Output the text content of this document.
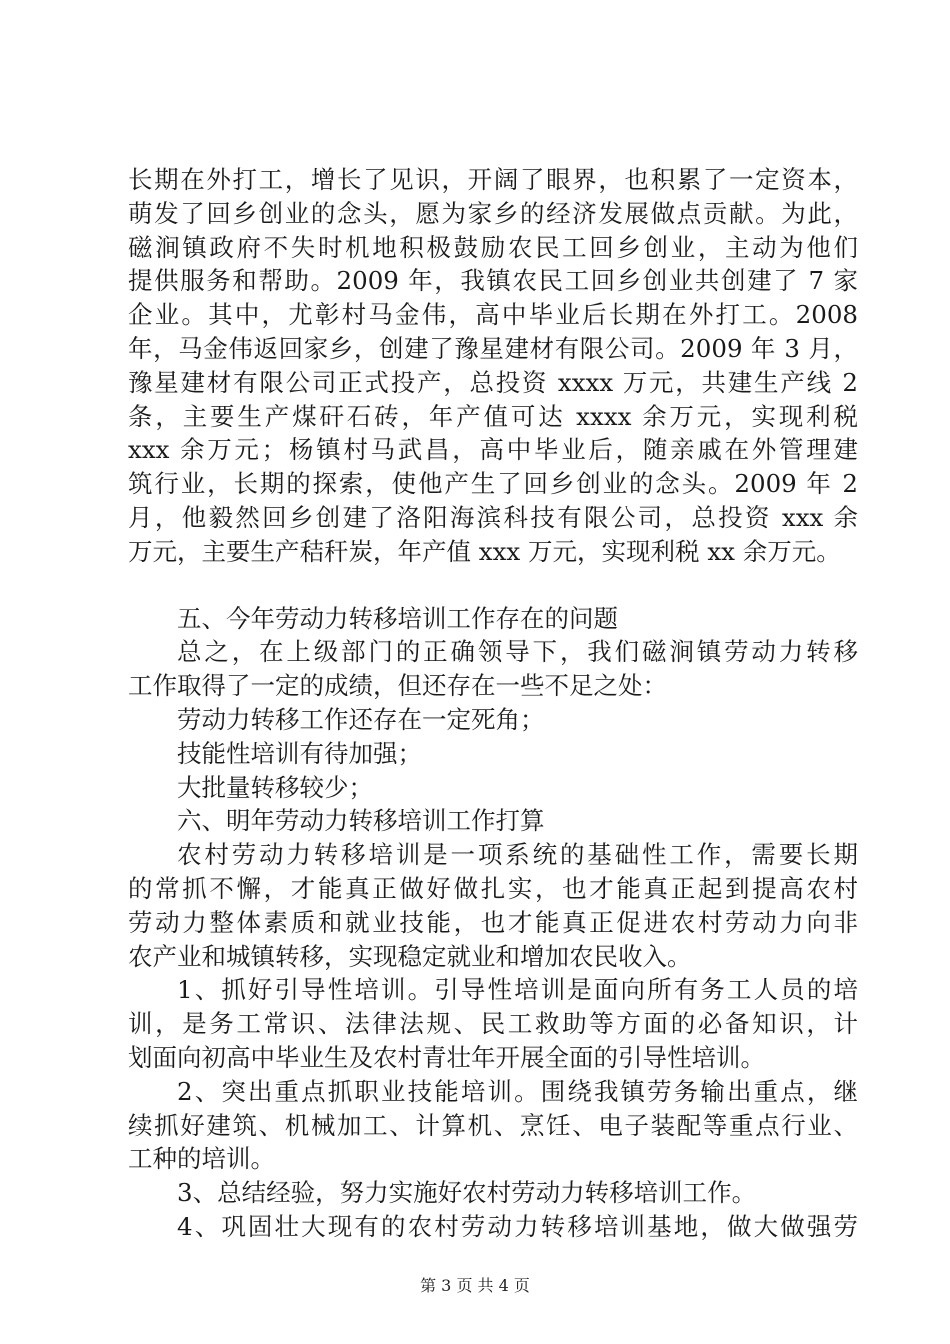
长期在外打工，增长了见识，开阔了眼界，也积累了一定资本，
萌发了回乡创业的念头，愿为家乡的经济发展做点贡献。为此，
磁涧镇政府不失时机地积极鼓励农民工回乡创业，主动为他们
提供服务和帮助。2009 年，我镇农民工回乡创业共创建了 7 家
企业。其中，尤彰村马金伟，高中毕业后长期在外打工。2008
年，马金伟返回家乡，创建了豫星建材有限公司。2009 年 3 月，
豫星建材有限公司正式投产，总投资 xxxx 万元，共建生产线 2
条，主要生产煤矸石砖，年产值可达 xxxx 余万元，实现利税
xxx 余万元；杨镇村马武昌，高中毕业后，随亲戚在外管理建
筑行业，长期的探索，使他产生了回乡创业的念头。2009 年 2
月，他毅然回乡创建了洛阳海滨科技有限公司，总投资 xxx 余
万元，主要生产秸秆炭，年产值 xxx 万元，实现利税 xx 余万元。
五、今年劳动力转移培训工作存在的问题
总之，在上级部门的正确领导下，我们磁涧镇劳动力转移
工作取得了一定的成绩，但还存在一些不足之处：
劳动力转移工作还存在一定死角；
技能性培训有待加强；
大批量转移较少；
六、明年劳动力转移培训工作打算
农村劳动力转移培训是一项系统的基础性工作，需要长期
的常抓不懈，才能真正做好做扎实，也才能真正起到提高农村
劳动力整体素质和就业技能，也才能真正促进农村劳动力向非
农产业和城镇转移，实现稳定就业和增加农民收入。
1、抓好引导性培训。引导性培训是面向所有务工人员的培
训，是务工常识、法律法规、民工救助等方面的必备知识，计
划面向初高中毕业生及农村青壮年开展全面的引导性培训。
2、突出重点抓职业技能培训。围绕我镇劳务输出重点，继
续抓好建筑、机械加工、计算机、烹饪、电子装配等重点行业、
工种的培训。
3、总结经验，努力实施好农村劳动力转移培训工作。
4、巩固壮大现有的农村劳动力转移培训基地，做大做强劳
第 3 页 共 4 页
